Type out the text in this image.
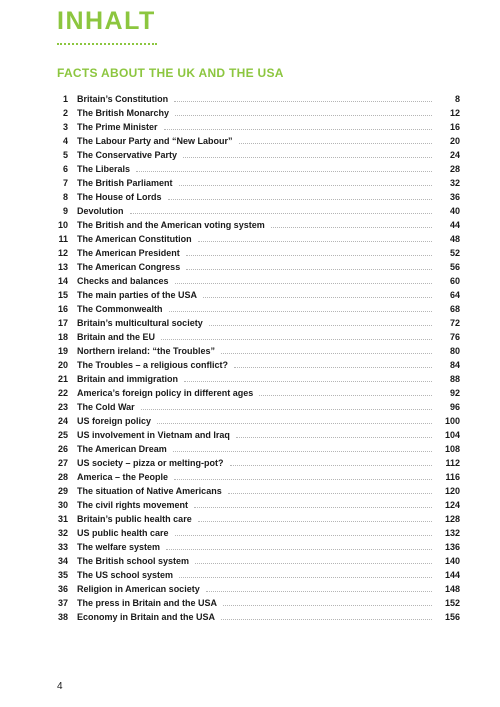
INHALT
FACTS ABOUT THE UK AND THE USA
1 Britain’s Constitution	8
2 The British Monarchy	12
3 The Prime Minister	16
4 The Labour Party and “New Labour”	20
5 The Conservative Party	24
6 The Liberals	28
7 The British Parliament	32
8 The House of Lords	36
9 Devolution	40
10 The British and the American voting system	44
11 The American Constitution	48
12 The American President	52
13 The American Congress	56
14 Checks and balances	60
15 The main parties of the USA	64
16 The Commonwealth	68
17 Britain’s multicultural society	72
18 Britain and the EU	76
19 Northern ireland: “the Troubles”	80
20 The Troubles – a religious conflict?	84
21 Britain and immigration	88
22 America’s foreign policy in different ages	92
23 The Cold War	96
24 US foreign policy	100
25 US involvement in Vietnam and Iraq	104
26 The American Dream	108
27 US society – pizza or melting-pot?	112
28 America – the People	116
29 The situation of Native Americans	120
30 The civil rights movement	124
31 Britain’s public health care	128
32 US public health care	132
33 The welfare system	136
34 The British school system	140
35 The US school system	144
36 Religion in American society	148
37 The press in Britain and the USA	152
38 Economy in Britain and the USA	156
4
